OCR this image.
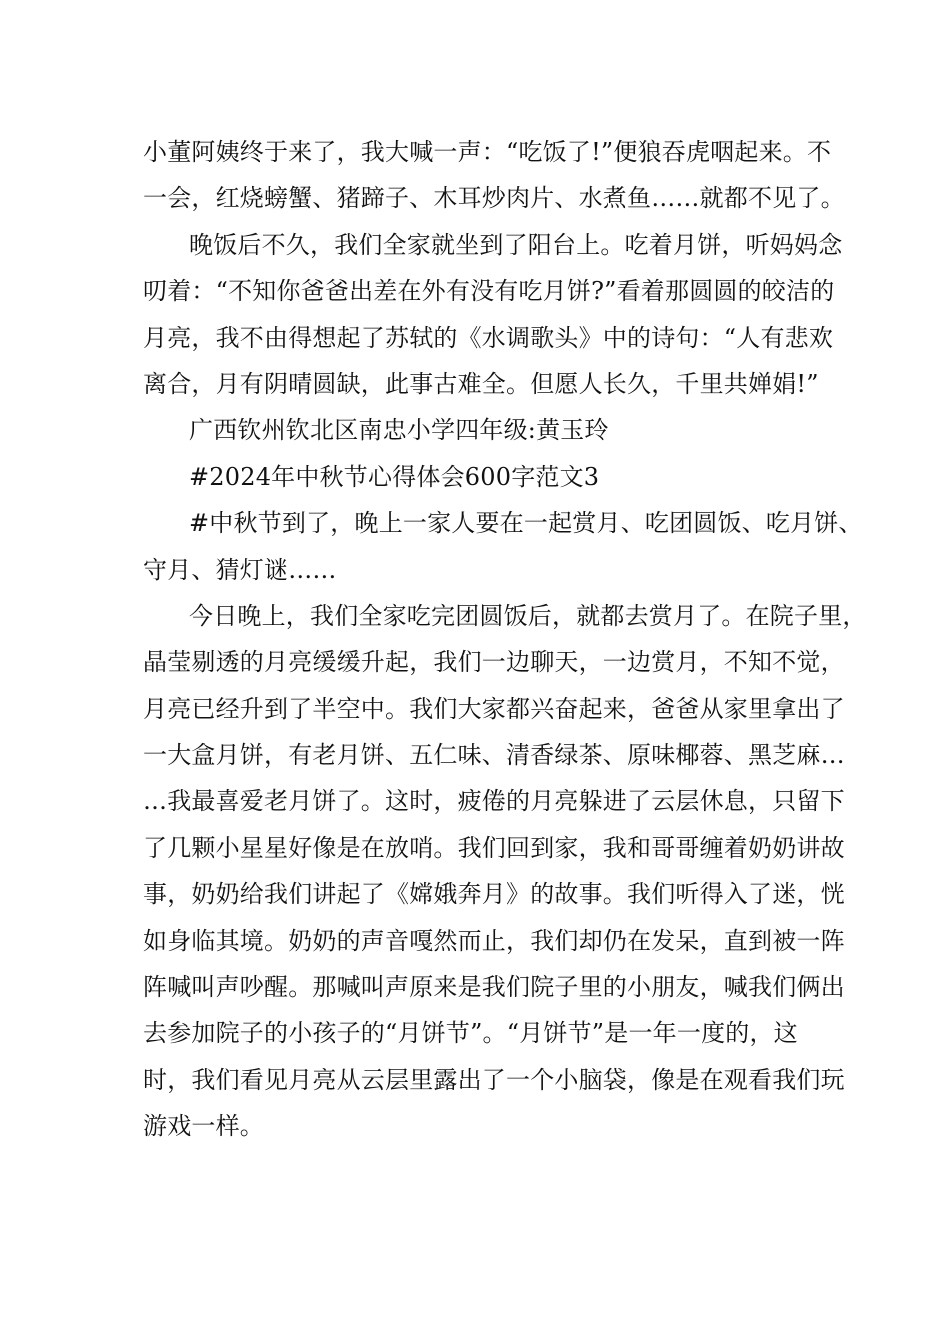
小董阿姨终于来了，我大喊一声：“吃饭了!”便狼吞虎咽起来。不
一会，红烧螃蟹、猪蹄子、木耳炒肉片、水煮鱼……就都不见了。
晚饭后不久，我们全家就坐到了阳台上。吃着月饼，听妈妈念
叨着：“不知你爸爸出差在外有没有吃月饼?”看着那圆圆的皎洁的
月亮，我不由得想起了苏轼的《水调歌头》中的诗句：“人有悲欢
离合，月有阴晴圆缺，此事古难全。但愿人长久，千里共婵娟!”
广西钦州钦北区南忠小学四年级:黄玉玲
#2024年中秋节心得体会600字范文3
#中秋节到了，晚上一家人要在一起赏月、吃团圆饭、吃月饼、
守月、猜灯谜……
今日晚上，我们全家吃完团圆饭后，就都去赏月了。在院子里，
晶莹剔透的月亮缓缓升起，我们一边聊天，一边赏月，不知不觉，
月亮已经升到了半空中。我们大家都兴奋起来，爸爸从家里拿出了
一大盒月饼，有老月饼、五仁味、清香绿茶、原味椰蓉、黑芝麻…
…我最喜爱老月饼了。这时，疲倦的月亮躲进了云层休息，只留下
了几颗小星星好像是在放哨。我们回到家，我和哥哥缠着奶奶讲故
事，奶奶给我们讲起了《嫦娥奔月》的故事。我们听得入了迷，恍
如身临其境。奶奶的声音嘎然而止，我们却仍在发呆，直到被一阵
阵喊叫声吵醒。那喊叫声原来是我们院子里的小朋友，喊我们俩出
去参加院子的小孩子的“月饼节”。“月饼节”是一年一度的，这
时，我们看见月亮从云层里露出了一个小脑袋，像是在观看我们玩
游戏一样。
